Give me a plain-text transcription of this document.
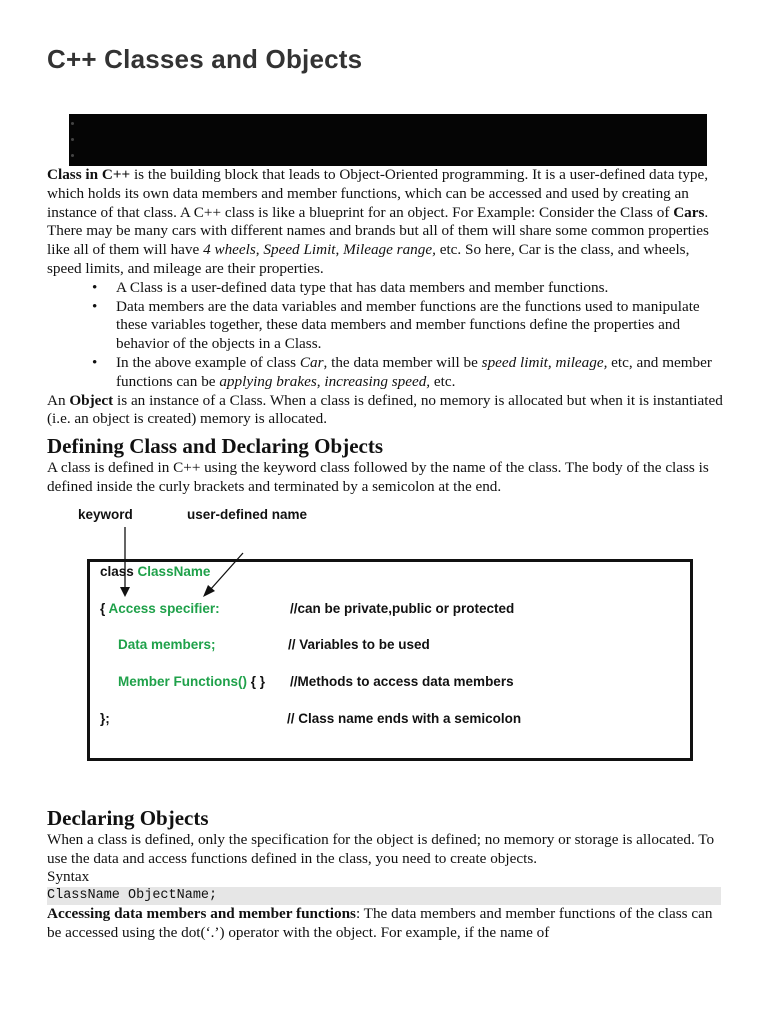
C++ Classes and Objects

Class in C++ is the building block that leads to Object-Oriented programming. It is a user-defined data type, which holds its own data members and member functions, which can be accessed and used by creating an instance of that class. A C++ class is like a blueprint for an object. For Example: Consider the Class of Cars. There may be many cars with different names and brands but all of them will share some common properties like all of them will have 4 wheels, Speed Limit, Mileage range, etc. So here, Car is the class, and wheels, speed limits, and mileage are their properties.

• A Class is a user-defined data type that has data members and member functions.
• Data members are the data variables and member functions are the functions used to manipulate these variables together, these data members and member functions define the properties and behavior of the objects in a Class.
• In the above example of class Car, the data member will be speed limit, mileage, etc, and member functions can be applying brakes, increasing speed, etc.

An Object is an instance of a Class. When a class is defined, no memory is allocated but when it is instantiated (i.e. an object is created) memory is allocated.

Defining Class and Declaring Objects

A class is defined in C++ using the keyword class followed by the name of the class. The body of the class is defined inside the curly brackets and terminated by a semicolon at the end.

keyword	user-defined name
class ClassName
{ Access specifier:	//can be private,public or protected
Data members;	// Variables to be used
Member Functions() { } //Methods to access data members
};	// Class name ends with a semicolon
Declaring Objects

When a class is defined, only the specification for the object is defined; no memory or storage is allocated. To use the data and access functions defined in the class, you need to create objects.

Syntax

ClassName ObjectName;

Accessing data members and member functions: The data members and member functions of the class can be accessed using the dot(‘.’) operator with the object. For example, if the name of
